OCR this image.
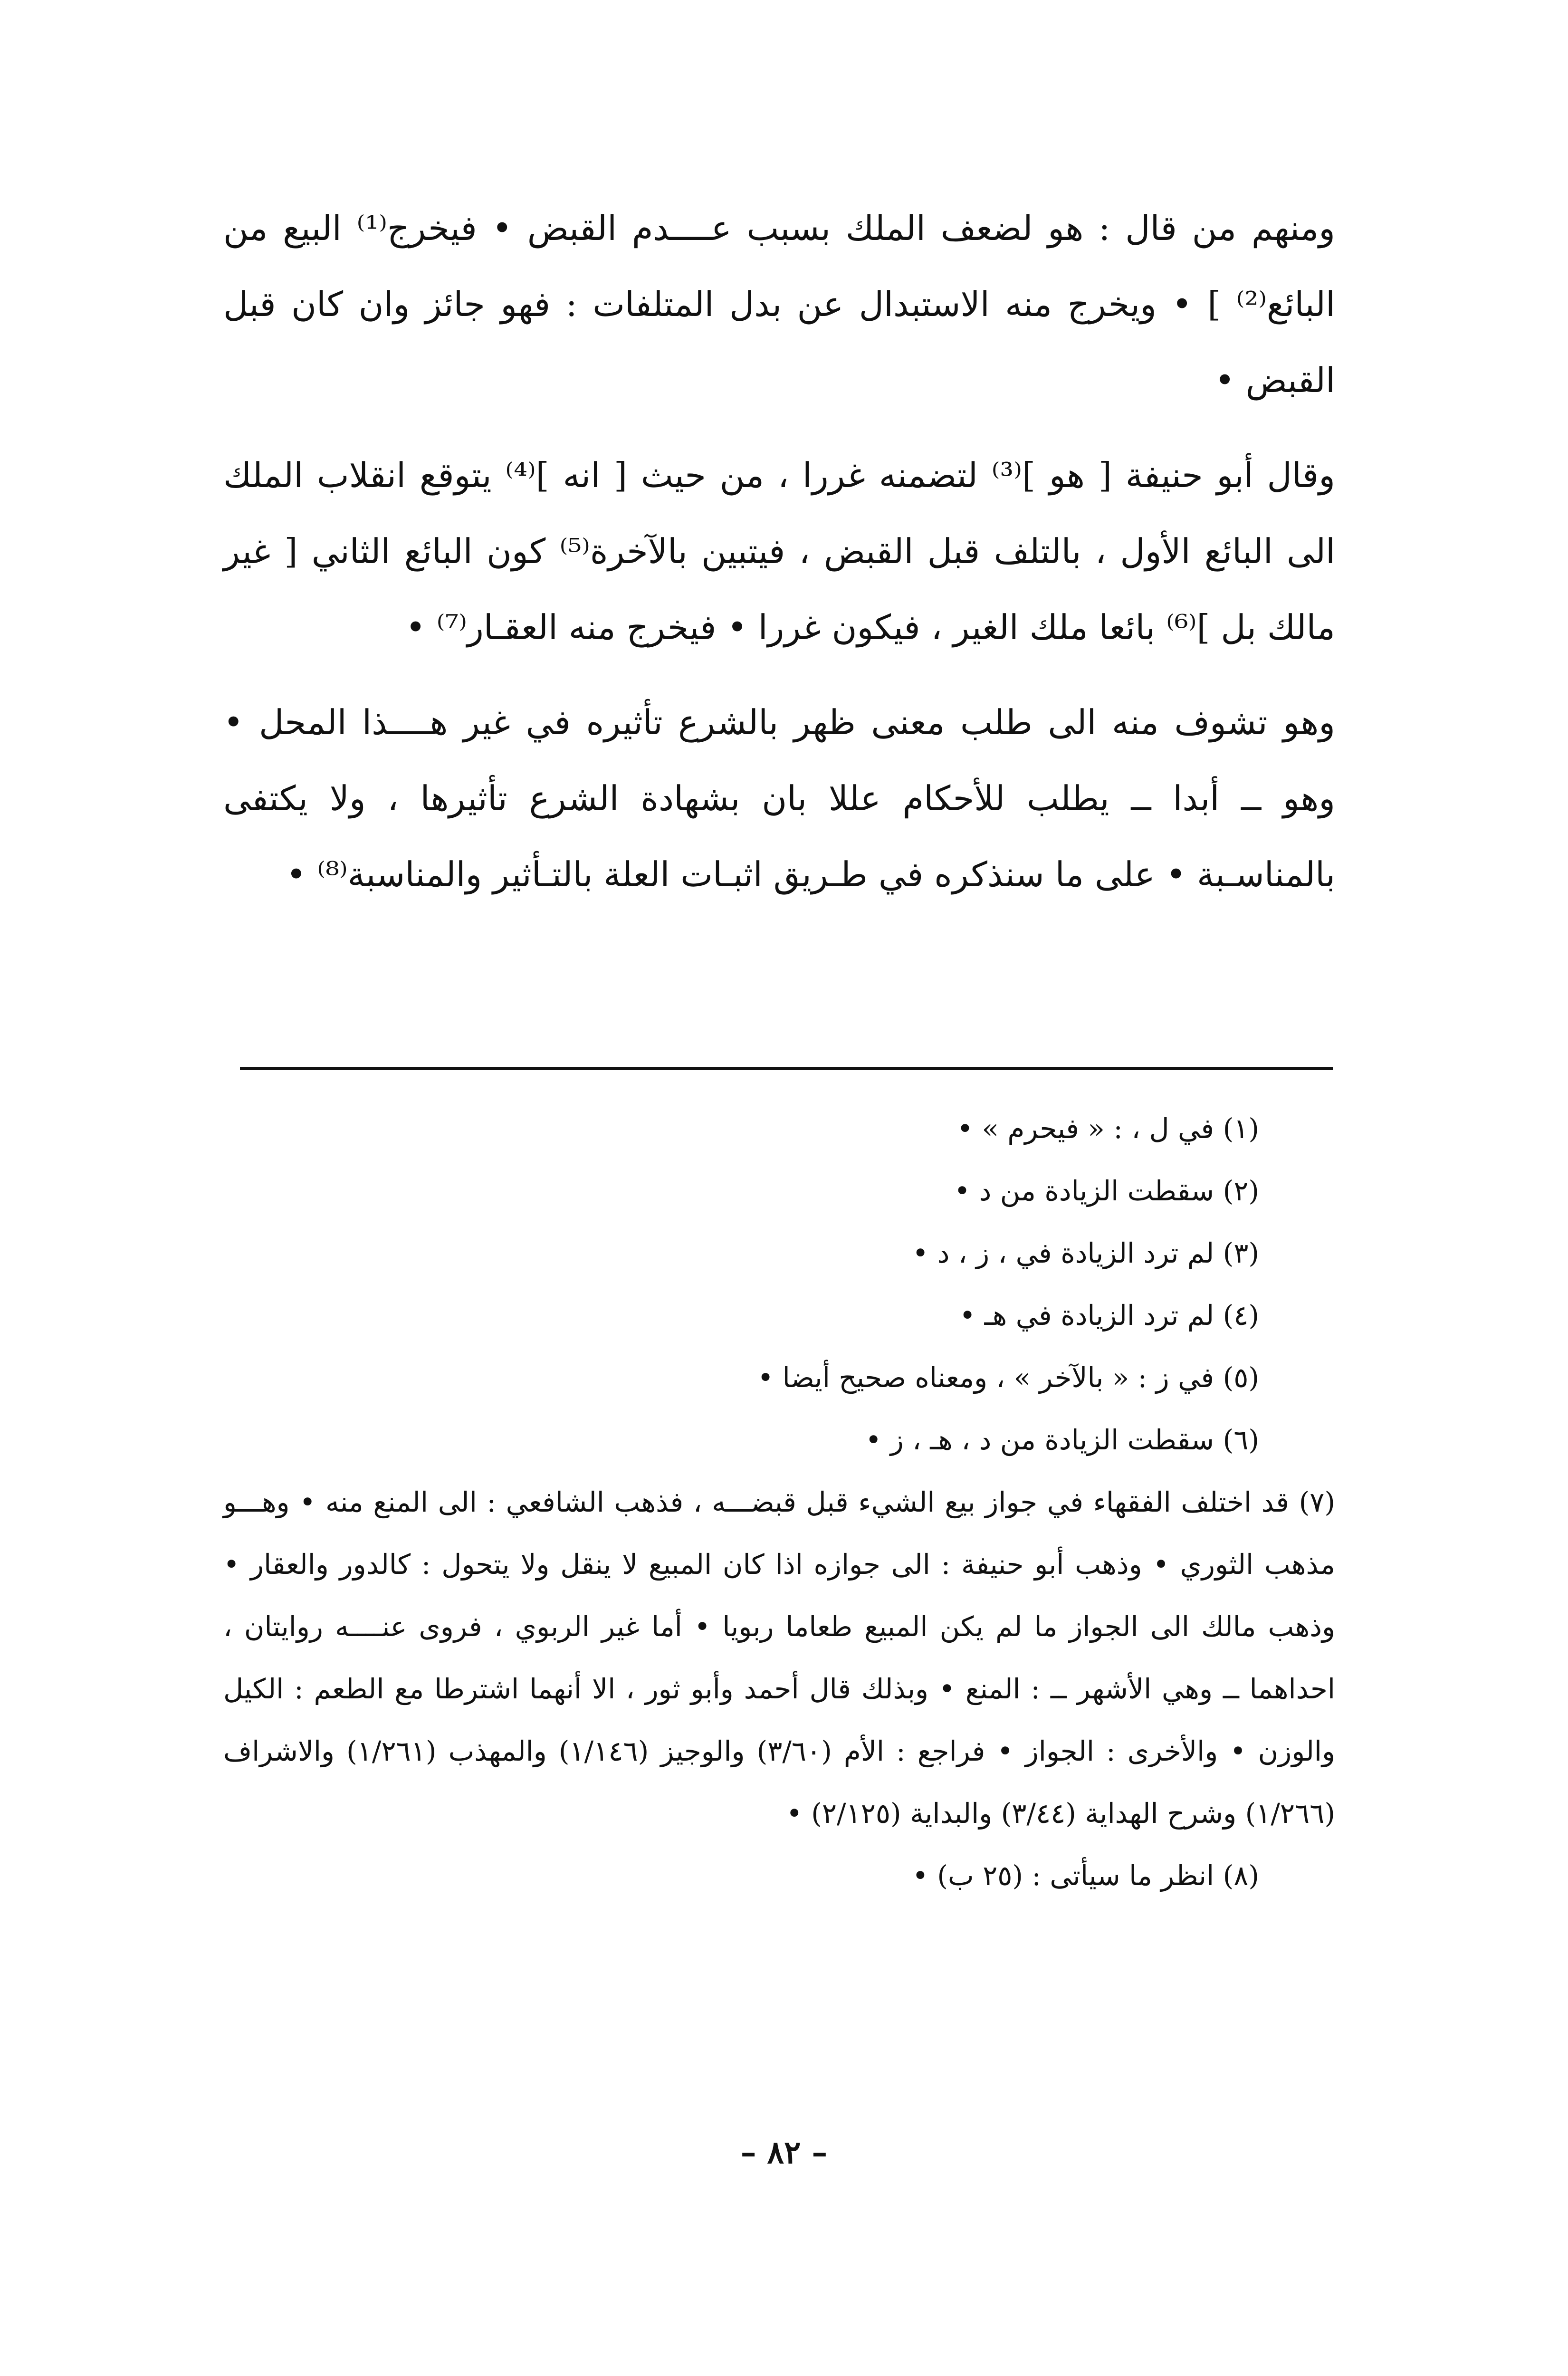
ومنهم من قال : هو لضعف الملك بسبب عــــدم القبض • فيخرج⁽¹⁾ البيع من البائع⁽²⁾ ] • ويخرج منه الاستبدال عن بدل المتلفات : فهو جائز وان كان قبل القبض •

وقال أبو حنيفة [ هو ]⁽³⁾ لتضمنه غررا ، من حيث [ انه ]⁽⁴⁾ يتوقع انقلاب الملك الى البائع الأول ، بالتلف قبل القبض ، فيتبين بالآخرة⁽⁵⁾ كون البائع الثاني [ غير مالك بل ]⁽⁶⁾ بائعا ملك الغير ، فيكون غررا • فيخرج منه العقـار⁽⁷⁾ •

وهو تشوف منه الى طلب معنى ظهر بالشرع تأثيره في غير هــــذا المحل • وهو ــ أبدا ــ يطلب للأحكام عللا بان بشهادة الشرع تأثيرها ، ولا يكتفى بالمناسـبة • على ما سنذكره في طـريق اثبـات العلة بالتـأثير والمناسبة⁽⁸⁾ •

(١) في ل ، : « فيحرم » •

(٢) سقطت الزيادة من د •

(٣) لم ترد الزيادة في ، ز ، د •

(٤) لم ترد الزيادة في هـ •

(٥) في ز : « بالآخر » ، ومعناه صحيح أيضا •

(٦) سقطت الزيادة من د ، هـ ، ز •

(٧) قد اختلف الفقهاء في جواز بيع الشيء قبل قبضـــه ، فذهب الشافعي : الى المنع منه • وهـــو مذهب الثوري • وذهب أبو حنيفة : الى جوازه اذا كان المبيع لا ينقل ولا يتحول : كالدور والعقار • وذهب مالك الى الجواز ما لم يكن المبيع طعاما ربويا • أما غير الربوي ، فروى عنــــه روايتان ، احداهما ــ وهي الأشهر ــ : المنع • وبذلك قال أحمد وأبو ثور ، الا أنهما اشترطا مع الطعم : الكيل والوزن • والأخرى : الجواز • فراجع : الأم (٣/٦٠) والوجيز (١/١٤٦) والمهذب (١/٢٦١) والاشراف (١/٢٦٦) وشرح الهداية (٣/٤٤) والبداية (٢/١٢٥) •

(٨) انظر ما سيأتى : (٢٥ ب) •

– ٨٢ –
